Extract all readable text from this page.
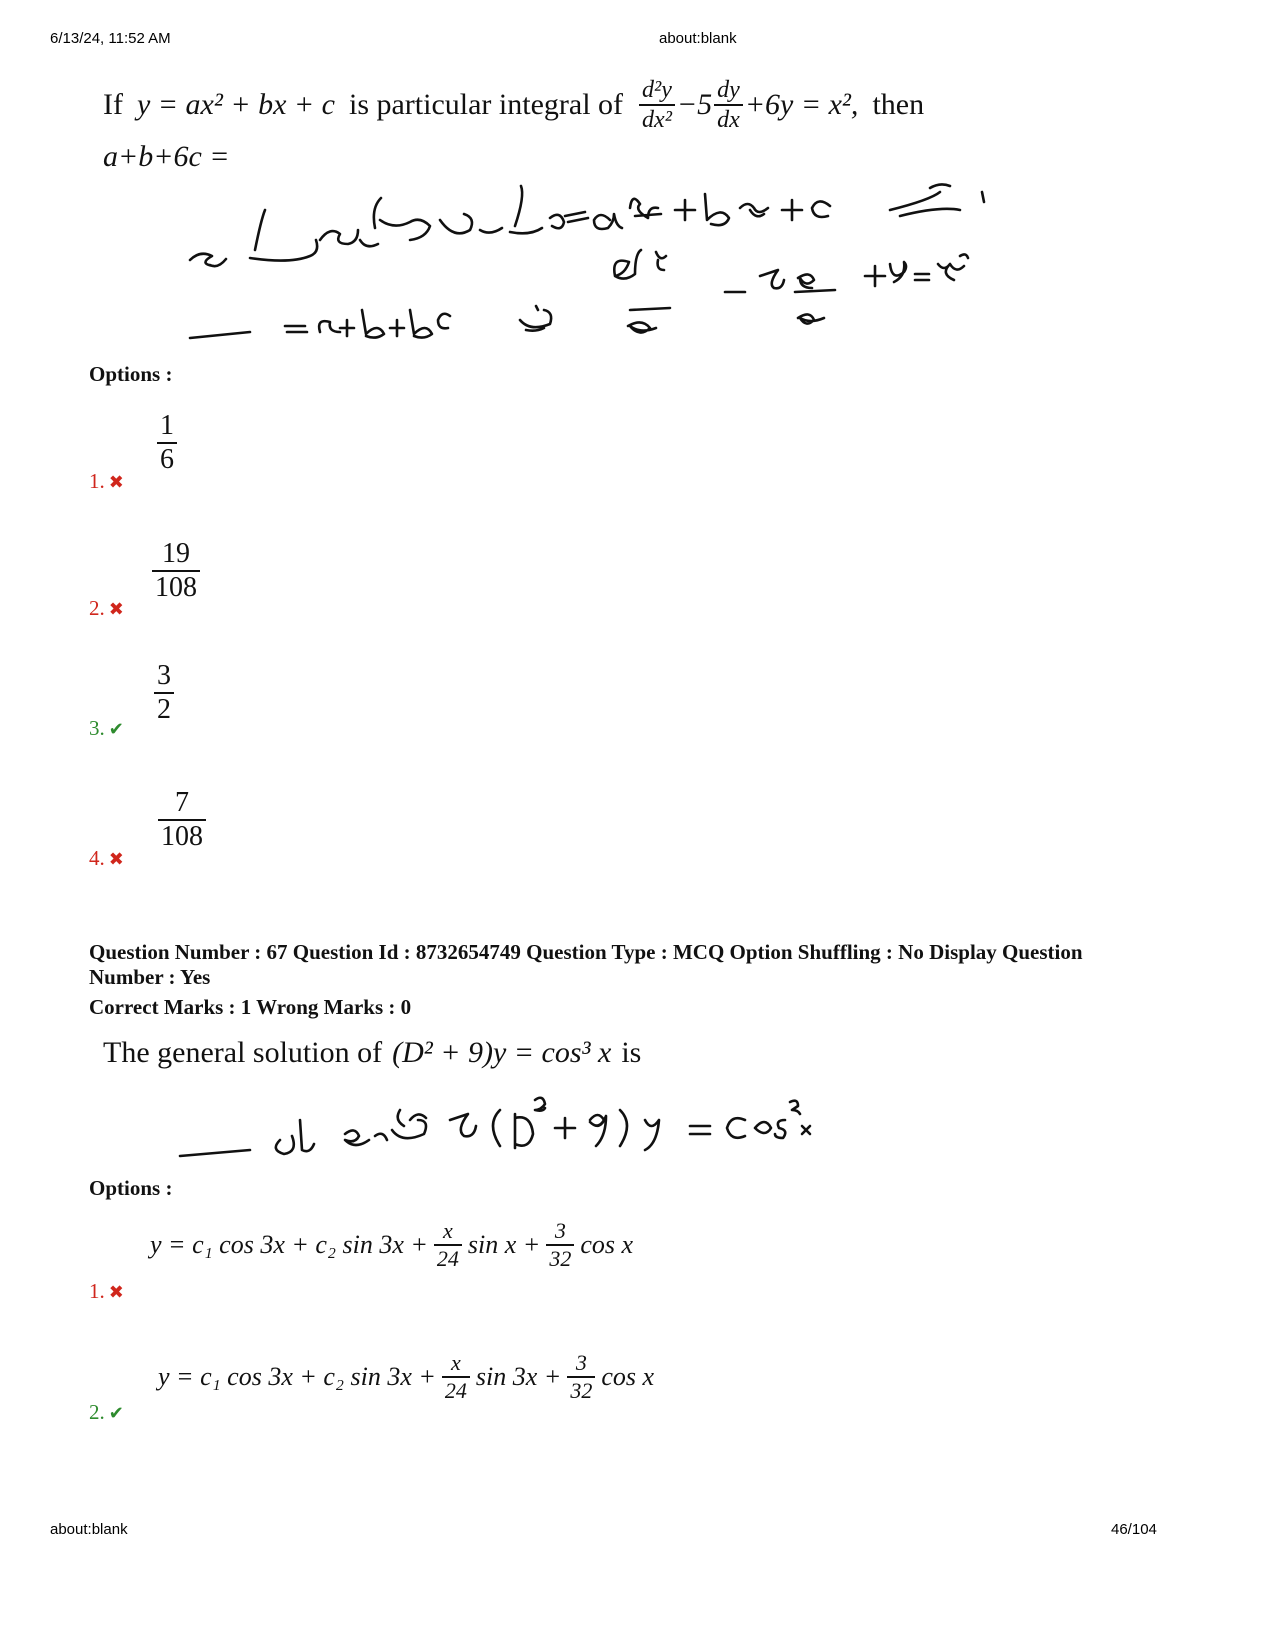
6/13/24, 11:52 AM	about:blank
If y = ax² + bx + c is particular integral of $\frac{\text{d²y}}{\text{dx²}} -5 \frac{dy}{dx} +6y = x^2$, then
a+b+6c =
Options :
1. ✖
$\frac{1}{6}$
2. ✖
$\frac{19}{108}$
3. ✔
$\frac{3}{2}$
4. ✖
$\frac{7}{108}$
Question Number : 67 Question Id : 8732654749 Question Type : MCQ Option Shuffling : No Display Question
Number : Yes
Correct Marks : 1 Wrong Marks : 0
The general solution of (D² + 9)y = cos³ x is
Options :
1. ✖
y = c₁ cos 3x + c₂ $\sin 3x + \frac{x}{24}$ $\sin x + \frac{3}{32}$ cos x
2. ✔
y = c₁ cos 3x + c₂ $\sin 3x + \frac{x}{24}$ $\sin 3x + \frac{3}{32}$ cos x
about:blank	46/104
